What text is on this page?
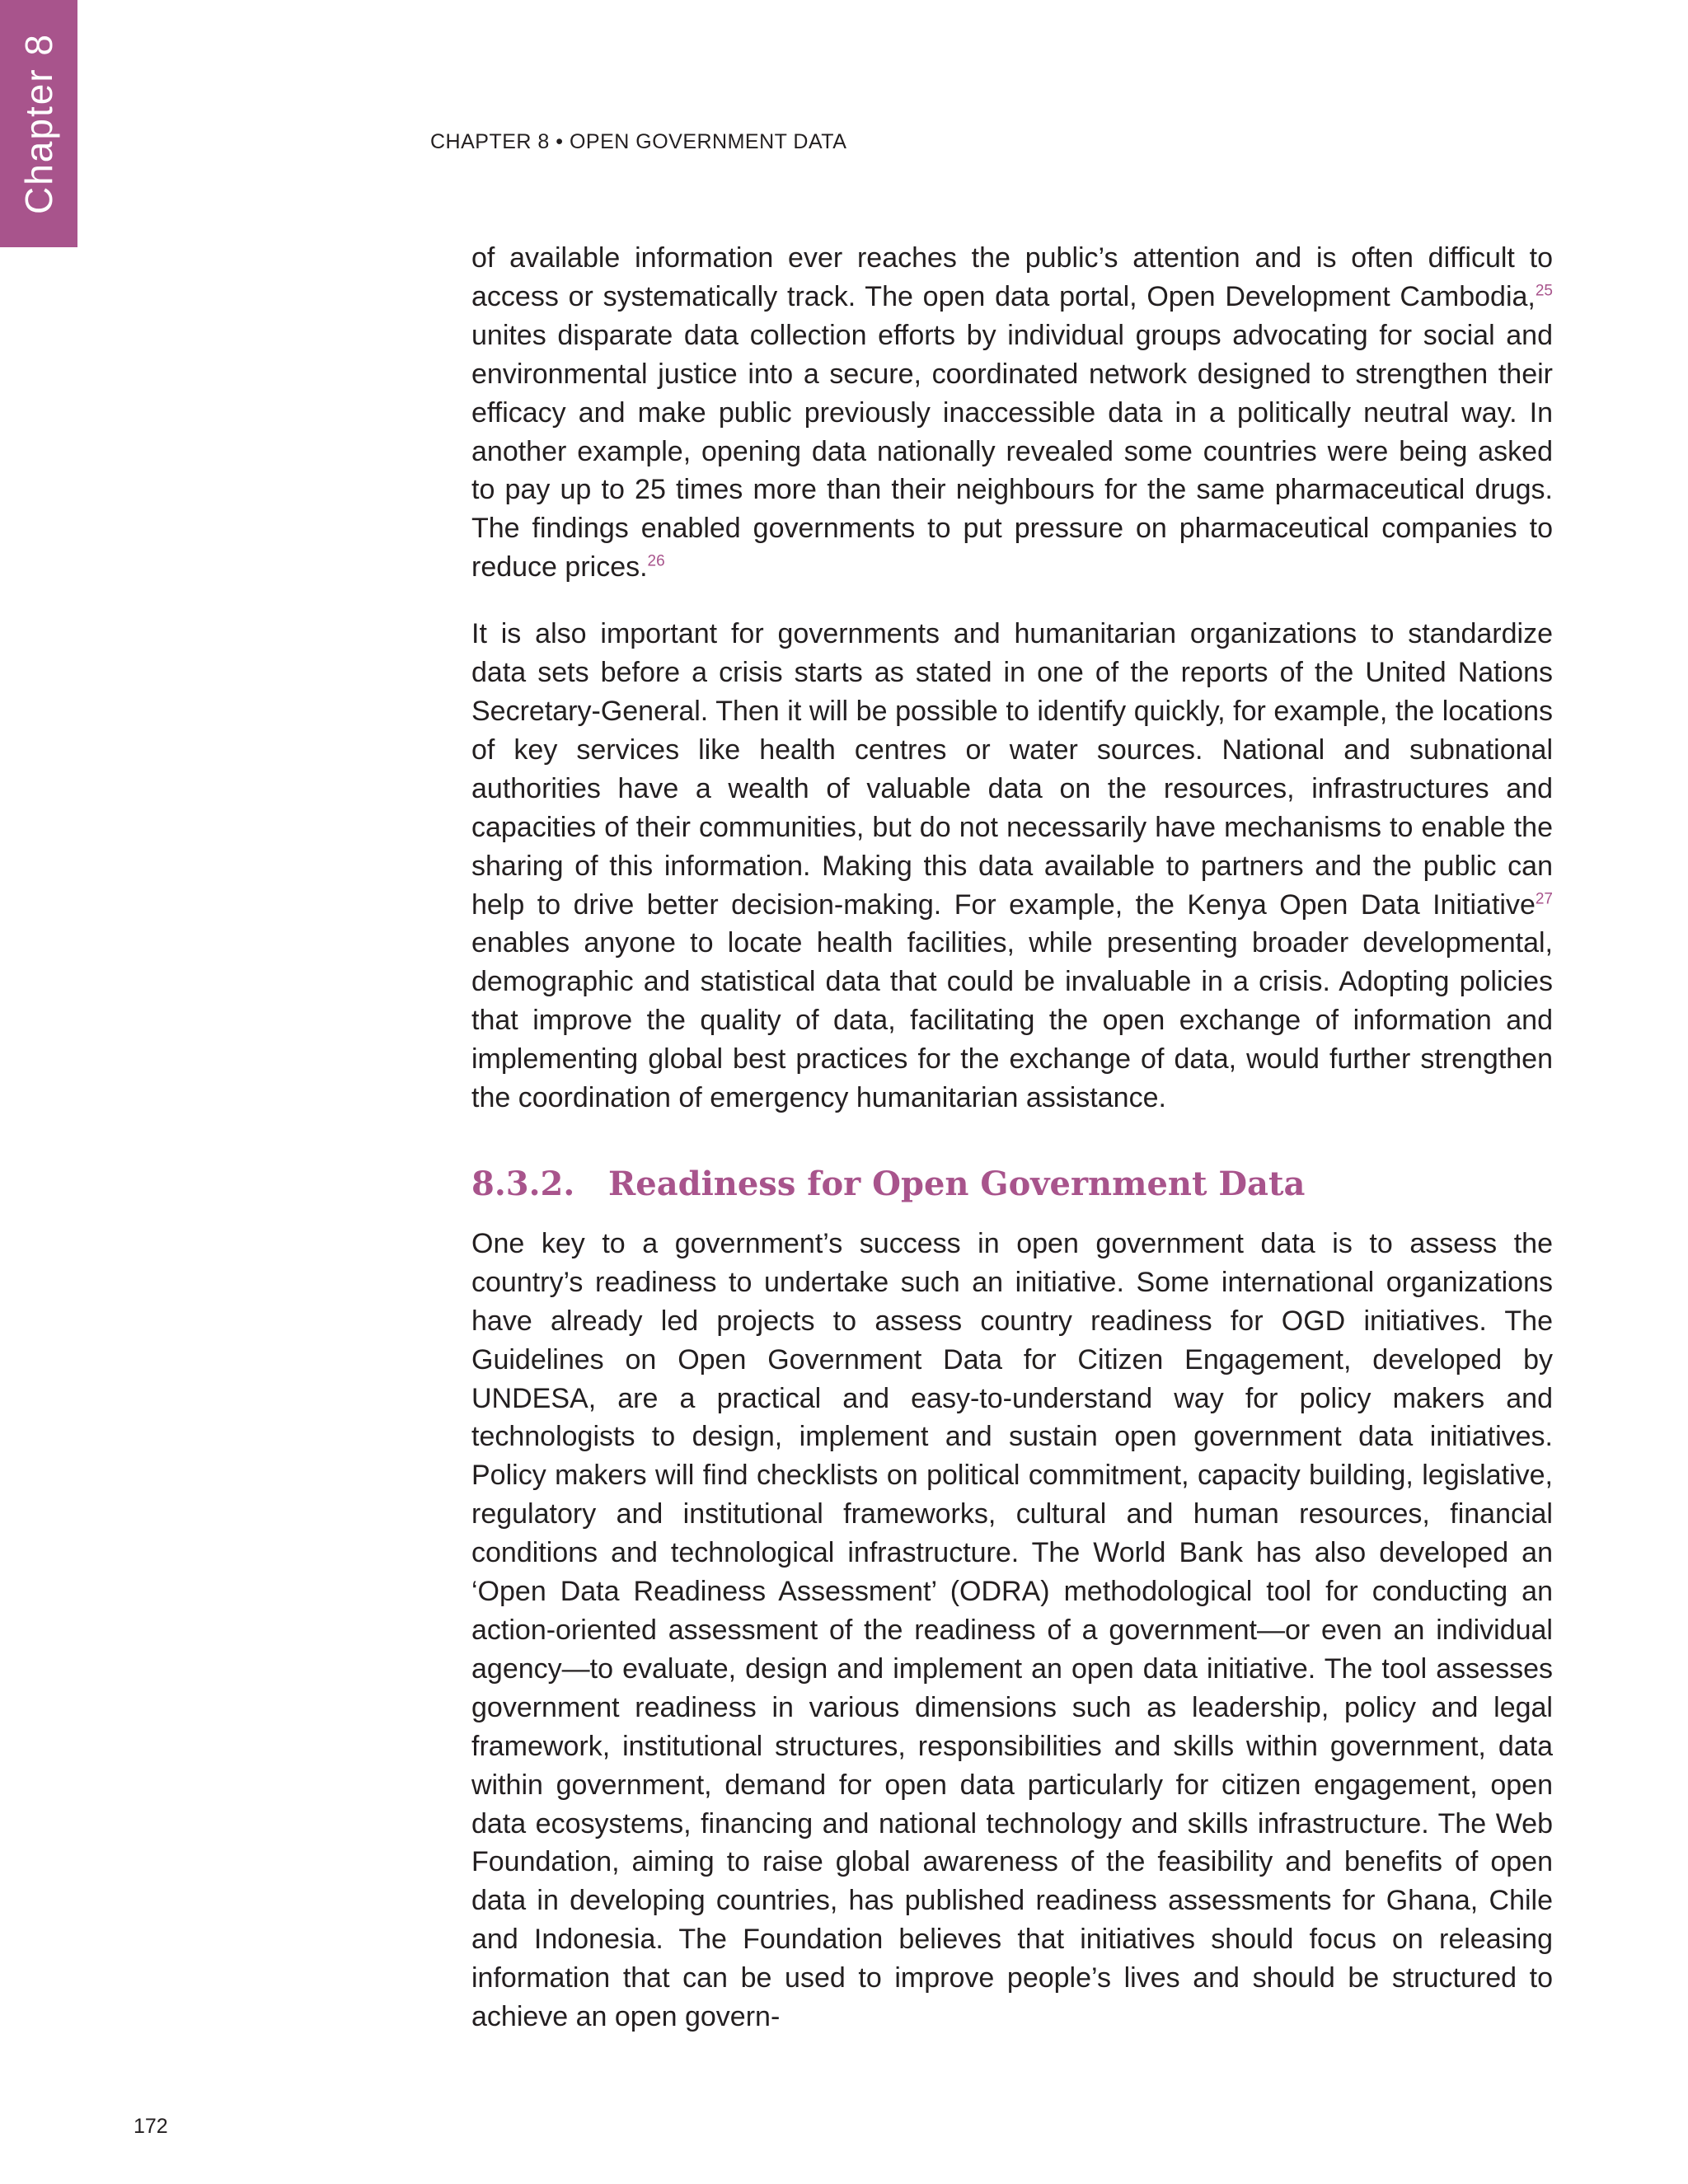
Chapter 8	CHAPTER 8 • OPEN GOVERNMENT DATA

of available information ever reaches the public’s attention and is often difficult to access or systematically track. The open data portal, Open Development Cambodia,$^{25}$ unites disparate data collection efforts by individual groups advocating for social and environmental justice into a secure, coordinated network designed to strengthen their efficacy and make public previously inaccessible data in a politically neutral way. In another example, opening data nationally revealed some countries were being asked to pay up to 25 times more than their neighbours for the same pharmaceutical drugs. The findings enabled governments to put pressure on pharmaceutical companies to reduce prices.$^{26}$

It is also important for governments and humanitarian organizations to standardize data sets before a crisis starts as stated in one of the reports of the United Nations Secretary-General. Then it will be possible to identify quickly, for example, the locations of key services like health centres or water sources. National and subnational authorities have a wealth of valuable data on the resources, infrastructures and capacities of their communities, but do not necessarily have mechanisms to enable the sharing of this information. Making this data available to partners and the public can help to drive better decision-making. For example, the Kenya Open Data Initiative$^{27}$ enables anyone to locate health facilities, while presenting broader developmental, demographic and statistical data that could be invaluable in a crisis. Adopting policies that improve the quality of data, facilitating the open exchange of information and implementing global best practices for the exchange of data, would further strengthen the coordination of emergency humanitarian assistance.

8.3.2. Readiness for Open Government Data

One key to a government’s success in open government data is to assess the country’s readiness to undertake such an initiative. Some international organizations have already led projects to assess country readiness for OGD initiatives. The Guidelines on Open Government Data for Citizen Engagement, developed by UNDESA, are a practical and easy-to-understand way for policy makers and technologists to design, implement and sustain open government data initiatives. Policy makers will find checklists on political commitment, capacity building, legislative, regulatory and institutional frameworks, cultural and human resources, financial conditions and technological infrastructure. The World Bank has also developed an ‘Open Data Readiness Assessment’ (ODRA) methodological tool for conducting an action-oriented assessment of the readiness of a government—or even an individual agency—to evaluate, design and implement an open data initiative. The tool assesses government readiness in various dimensions such as leadership, policy and legal framework, institutional structures, responsibilities and skills within government, data within government, demand for open data particularly for citizen engagement, open data ecosystems, financing and national technology and skills infrastructure. The Web Foundation, aiming to raise global awareness of the feasibility and benefits of open data in developing countries, has published readiness assessments for Ghana, Chile and Indonesia. The Foundation believes that initiatives should focus on releasing information that can be used to improve people’s lives and should be structured to achieve an open govern-

172
